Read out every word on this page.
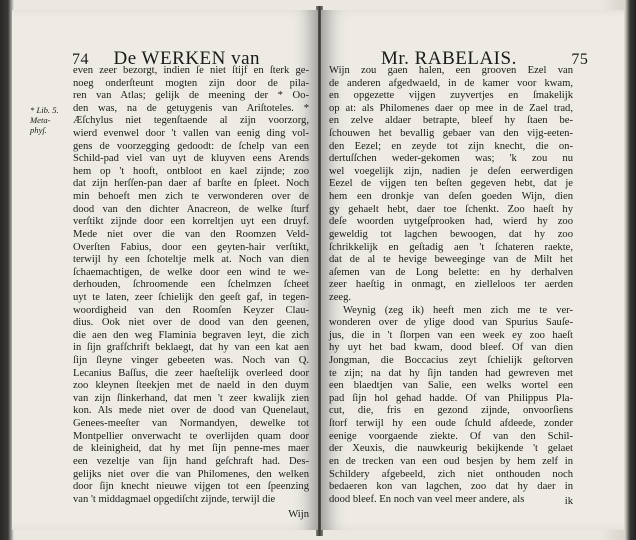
74 De WERKEN van
* Lib. 5.
Meta-
phyſ.
even zeer bezorgt, indien ſe niet ſtijf en ſterk ge-
noeg onderſteunt mogten zijn door de pila-
ren van Atlas; gelijk de meening der * Oo-
den was, na de getuygenis van Ariſtoteles. *
Æſchylus niet tegenſtaende al zijn voorzorg,
wierd evenwel door 't vallen van eenig ding vol-
gens de voorzegging gedoodt: de ſchelp van een
Schild-pad viel van uyt de kluyven eens Arends
hem op 't hooft, ontbloot en kael zijnde; zoo
dat zijn herſſen-pan daer af barſte en ſpleet. Noch
min behoeft men zich te verwonderen over de
dood van den dichter Anacreon, de welke ſturf
verſtikt zijnde door een korreltjen uyt een druyf.
Mede niet over die van den Roomzen Veld-
Overſten Fabius, door een geyten-hair verſtikt,
terwijl hy een ſchoteltje melk at. Noch van dien
ſchaemachtigen, de welke door een wind te we-
derhouden, ſchroomende een ſchelmzen ſcheet
uyt te laten, zeer ſchielijk den geeſt gaf, in tegen-
woordigheid van den Roomſen Keyzer Clau-
dius. Ook niet over de dood van den geenen,
die aen den weg Flaminia begraven leyt, die zich
in ſijn grafſchrift beklaegt, dat hy van een kat aen
ſijn ſleyne vinger gebeeten was. Noch van Q.
Lecanius Baſſus, die zeer haeſtelijk overleed door
zoo kleynen ſteekjen met de naeld in den duym
van zijn ſlinkerhand, dat men 't zeer kwalijk zien
kon. Als mede niet over de dood van Quenelaut,
Genees-meeſter van Normandyen, dewelke tot
Montpellier onverwacht te overlijden quam door
de kleinigheid, dat hy met ſijn penne-mes maer
een vezeltje van ſijn hand geſchraft had. Des-
gelijks niet over die van Philomenes, den welken
door ſijn knecht nieuwe vijgen tot een ſpeenzing
van 't middagmael opgediſcht zijnde, terwijl die
Wijn
Mr. RABELAIS.	75
Wijn zou gaen halen, een grooven Ezel van
de anderen afgedwaeld, in de kamer voor kwam,
en opgezette vijgen zuyvertjes en ſmakelijk
op at: als Philomenes daer op mee in de Zael trad,
en zelve aldaer betrapte, bleef hy ſtaen be-
ſchouwen het bevallig gebaer van den vijg-eeten-
den Eezel; en zeyde tot zijn knecht, die on-
dertuſſchen weder-gekomen was; 'k zou nu
wel voegelijk zijn, nadien je deſen eerwerdigen
Eezel de vijgen ten beſten gegeven hebt, dat je
hem een dronkje van deſen goeden Wijn, dien
gy gehaelt hebt, daer toe ſchenkt. Zoo haeſt hy
deſe woorden uytgeſprooken had, wierd hy zoo
geweldig tot lagchen bewoogen, dat hy zoo
ſchrikkelijk en geſtadig aen 't ſchateren raekte,
dat de al te hevige beweeginge van de Milt het
aſemen van de Long belette: en hy derhalven
zeer haeſtig in onmagt, en zielleloos ter aerden
zeeg.
Weynig (zeg ik) heeft men zich me te ver-
wonderen over de ylige dood van Spurius Sauſe-
jus, die in 't ſlorpen van een week ey zoo haeſt
hy uyt het bad kwam, dood bleef. Of van dien
Jongman, die Boccacius zeyt ſchielijk geſtorven
te zijn; na dat hy ſijn tanden had gewreven met
een blaedtjen van Salie, een welks wortel een
pad ſijn hol gehad hadde. Of van Philippus Pla-
cut, die, fris en gezond zijnde, onvoorſiens
ſtorf terwijl hy een oude ſchuld afdeede, zonder
eenige voorgaende ziekte. Of van den Schil-
der Xeuxis, die nauwkeurig bekijkende 't gelaet
en de trecken van een oud besjen by hem zelf in
Schildery afgebeeld, zich niet onthouden noch
bedaeren kon van lagchen, zoo dat hy daer in
dood bleef. En noch van veel meer andere, als	ik
